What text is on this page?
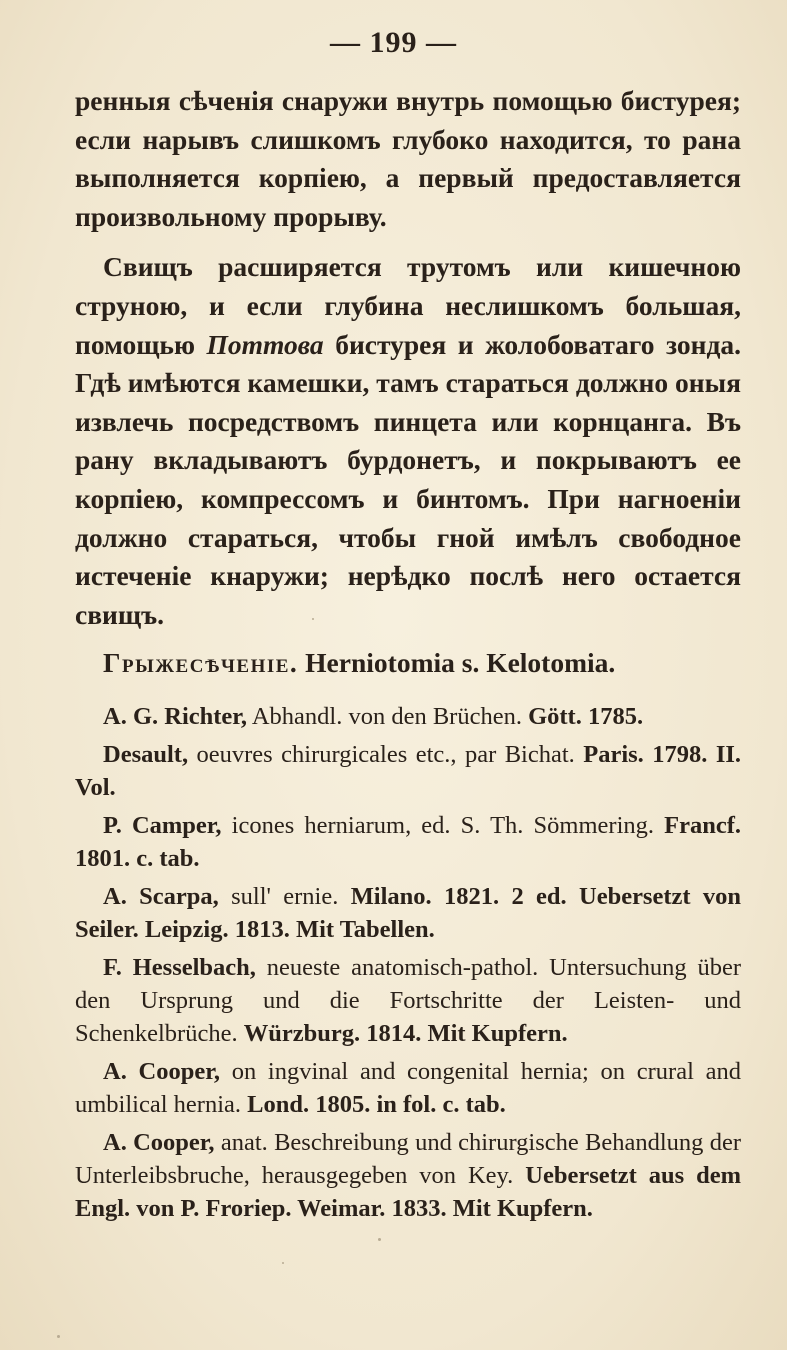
— 199 —

ренныя сѣченія снаружи внутрь помощью бистурея; если нарывъ слишкомъ глубоко находится, то рана выполняется корпіею, а первый предоставляется произвольному прорыву.

Свищъ расширяется трутомъ или кишечною струною, и если глубина неслишкомъ большая, помощью Поттова бистурея и жолобоватаго зонда. Гдѣ имѣются камешки, тамъ стараться должно оныя извлечь посредствомъ пинцета или корнцанга. Въ рану вкладываютъ бурдонетъ, и покрываютъ ее корпіею, компрессомъ и бинтомъ. При нагноеніи должно стараться, чтобы гной имѣлъ свободное истеченіе кнаружи; нерѣдко послѣ него остается свищъ.

Грыжесѣченіе. Herniotomia s. Kelotomia.

A. G. Richter, Abhandl. von den Brüchen. Gött. 1785.

Desault, oeuvres chirurgicales etc., par Bichat. Paris. 1798. II. Vol.

P. Camper, icones herniarum, ed. S. Th. Sömmering. Francf. 1801. c. tab.

A. Scarpa, sull' ernie. Milano. 1821. 2 ed. Uebersetzt von Seiler. Leipzig. 1813. Mit Tabellen.

F. Hesselbach, neueste anatomisch-pathol. Untersuchung über den Ursprung und die Fortschritte der Leisten- und Schenkelbrüche. Würzburg. 1814. Mit Kupfern.

A. Cooper, on ingvinal and congenital hernia; on crural and umbilical hernia. Lond. 1805. in fol. c. tab.

A. Cooper, anat. Beschreibung und chirurgische Behandlung der Unterleibsbruche, herausgegeben von Key. Uebersetzt aus dem Engl. von P. Froriep. Weimar. 1833. Mit Kupfern.
